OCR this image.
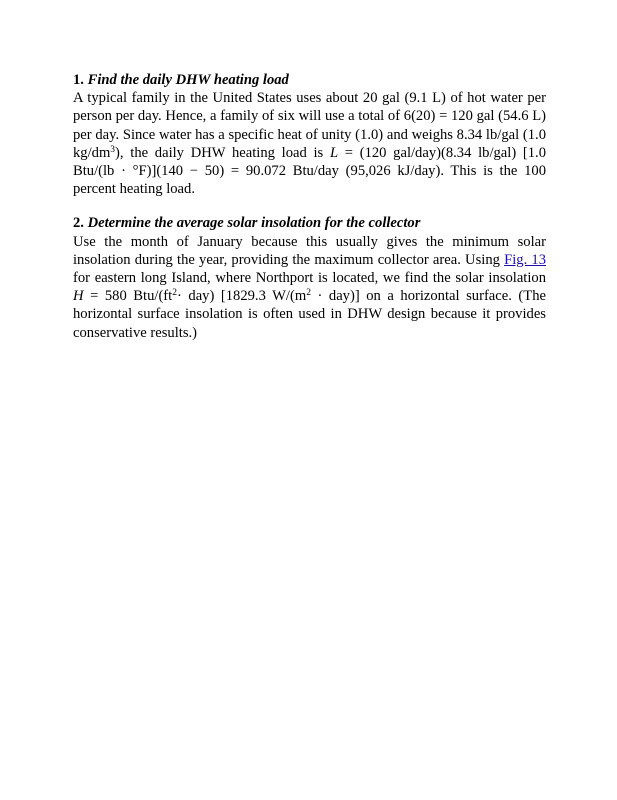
1. Find the daily DHW heating load

A typical family in the United States uses about 20 gal (9.1 L) of hot water per person per day. Hence, a family of six will use a total of 6(20) = 120 gal (54.6 L) per day. Since water has a specific heat of unity (1.0) and weighs 8.34 lb/gal (1.0 $kg/dm^3$), the daily DHW heating load is L = (120 gal/day)(8.34 lb/gal) [1.0 Btu/(lb · °F)](140 − 50) = 90.072 Btu/day (95,026 kJ/day). This is the 100 percent heating load.

2. Determine the average solar insolation for the collector

Use the month of January because this usually gives the minimum solar insolation during the year, providing the maximum collector area. Using Fig. 13 for eastern long Island, where Northport is located, we find the solar insolation H = 580 Btu/$(ft^2\cdot day)$ [1829.3 $W/(m^2 \cdot day)$] on a horizontal surface. (The horizontal surface insolation is often used in DHW design because it provides conservative results.)
